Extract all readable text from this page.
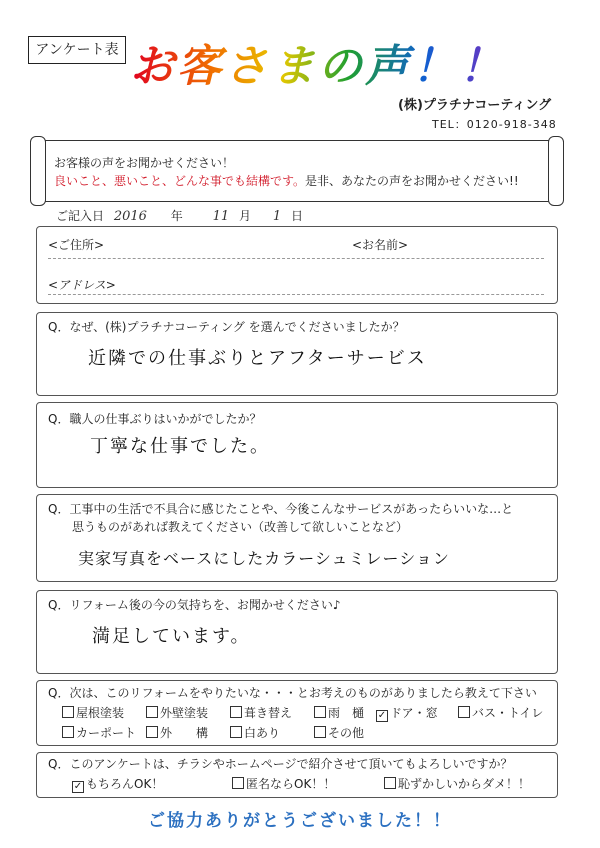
アンケート表 お客さまの声！！
(株)プラチナコーティング
TEL：0120-918-348
お客様の声をお聞かせください！
良いこと、悪いこと、どんな事でも結構です。是非、あなたの声をお聞かせください!!
ご記入日 2016 年 11 月 1 日
<ご住所>	<お名前>
<アドレス>
Q．なぜ、(株)プラチナコーティング を選んでくださいましたか？
近隣での仕事ぶりとアフターサービス
Q．職人の仕事ぶりはいかがでしたか？
丁寧な仕事でした。
Q．工事中の生活で不具合に感じたことや、今後こんなサービスがあったらいいな…と
思うものがあれば教えてください（改善して欲しいことなど）
実家写真をベースにしたカラーシュミレーション
Q．リフォーム後の今の気持ちを、お聞かせください♪
満足しています。
Q．次は、このリフォームをやりたいな・・・とお考えのものがありましたら教えて下さい
屋根塗装	外壁塗装	葺き替え	雨　樋 ✓ ドア・窓	バス・トイレ
カーポート	外　　構	白あり	その他
Q．このアンケートは、チラシやホームページで紹介させて頂いてもよろしいですか？
✓ もちろんOK！	匿名ならOK！！	恥ずかしいからダメ！！
ご協力ありがとうございました！！
